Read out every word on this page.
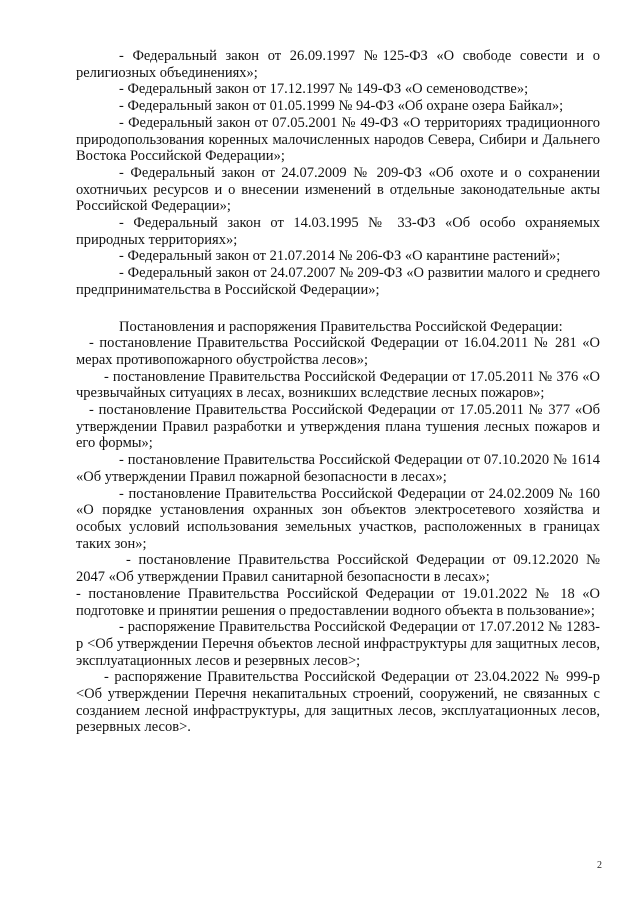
- Федеральный закон от 26.09.1997 №125-ФЗ «О свободе совести и о религиозных объединениях»;

- Федеральный закон от 17.12.1997 № 149-ФЗ «О семеноводстве»;

- Федеральный закон от 01.05.1999 № 94-ФЗ «Об охране озера Байкал»;

- Федеральный закон от 07.05.2001 № 49-ФЗ «О территориях традиционного природопользования коренных малочисленных народов Севера, Сибири и Дальнего Востока Российской Федерации»;

- Федеральный закон от 24.07.2009 № 209-ФЗ «Об охоте и о сохранении охотничьих ресурсов и о внесении изменений в отдельные законодательные акты Российской Федерации»;

- Федеральный закон от 14.03.1995 № 33-ФЗ «Об особо охраняемых природных территориях»;

- Федеральный закон от 21.07.2014 № 206-ФЗ «О карантине растений»;

- Федеральный закон от 24.07.2007 № 209-ФЗ «О развитии малого и среднего предпринимательства в Российской Федерации»;

Постановления и распоряжения Правительства Российской Федерации:

- постановление Правительства Российской Федерации от 16.04.2011 № 281 «О мерах противопожарного обустройства лесов»;

- постановление Правительства Российской Федерации от 17.05.2011 № 376 «О чрезвычайных ситуациях в лесах, возникших вследствие лесных пожаров»;

- постановление Правительства Российской Федерации от 17.05.2011 № 377 «Об утверждении Правил разработки и утверждения плана тушения лесных пожаров и его формы»;

- постановление Правительства Российской Федерации от 07.10.2020 № 1614 «Об утверждении Правил пожарной безопасности в лесах»;

- постановление Правительства Российской Федерации от 24.02.2009 № 160 «О порядке установления охранных зон объектов электросетевого хозяйства и особых условий использования земельных участков, расположенных в границах таких зон»;

- постановление Правительства Российской Федерации от 09.12.2020 № 2047 «Об утверждении Правил санитарной безопасности в лесах»;

- постановление Правительства Российской Федерации от 19.01.2022 № 18 «О подготовке и принятии решения о предоставлении водного объекта в пользование»;

- распоряжение Правительства Российской Федерации от 17.07.2012 № 1283-р <Об утверждении Перечня объектов лесной инфраструктуры для защитных лесов, эксплуатационных лесов и резервных лесов>;

- распоряжение Правительства Российской Федерации от 23.04.2022 № 999-р <Об утверждении Перечня некапитальных строений, сооружений, не связанных с созданием лесной инфраструктуры, для защитных лесов, эксплуатационных лесов, резервных лесов>.

2
